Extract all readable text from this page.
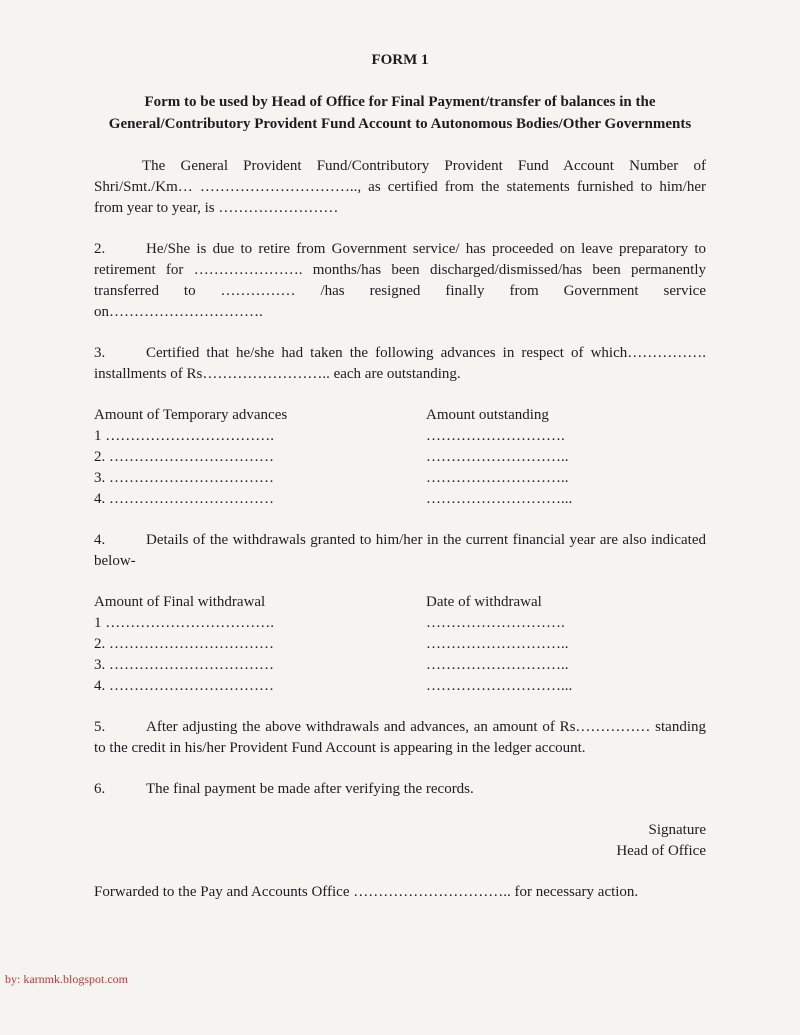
FORM 1
Form to be used by Head of Office for Final Payment/transfer of balances in the General/Contributory Provident Fund Account to Autonomous Bodies/Other Governments

The General Provident Fund/Contributory Provident Fund Account Number of Shri/Smt./Km… ………………………….., as certified from the statements furnished to him/her from year to year, is ……………………

2.	He/She is due to retire from Government service/ has proceeded on leave preparatory to retirement for …………………. months/has been discharged/dismissed/has been permanently transferred to …………… /has resigned finally from Government service on………………………….

3.	Certified that he/she had taken the following advances in respect of which……………. installments of Rs…………………….. each are outstanding.

Amount of Temporary advances	Amount outstanding
1 …………………………….	……………………….
2. ……………………………	………………………..
3. ……………………………	………………………..
4. ……………………………	………………………...

4.	Details of the withdrawals granted to him/her in the current financial year are also indicated below-

Amount of Final withdrawal	Date of withdrawal
1 …………………………….	……………………….
2. ……………………………	………………………..
3. ……………………………	………………………..
4. ……………………………	………………………...

5.	After adjusting the above withdrawals and advances, an amount of Rs…………… standing to the credit in his/her Provident Fund Account is appearing in the ledger account.

6.	The final payment be made after verifying the records.

Signature
Head of Office

Forwarded to the Pay and Accounts Office ………………………….. for necessary action.

by: karnmk.blogspot.com
